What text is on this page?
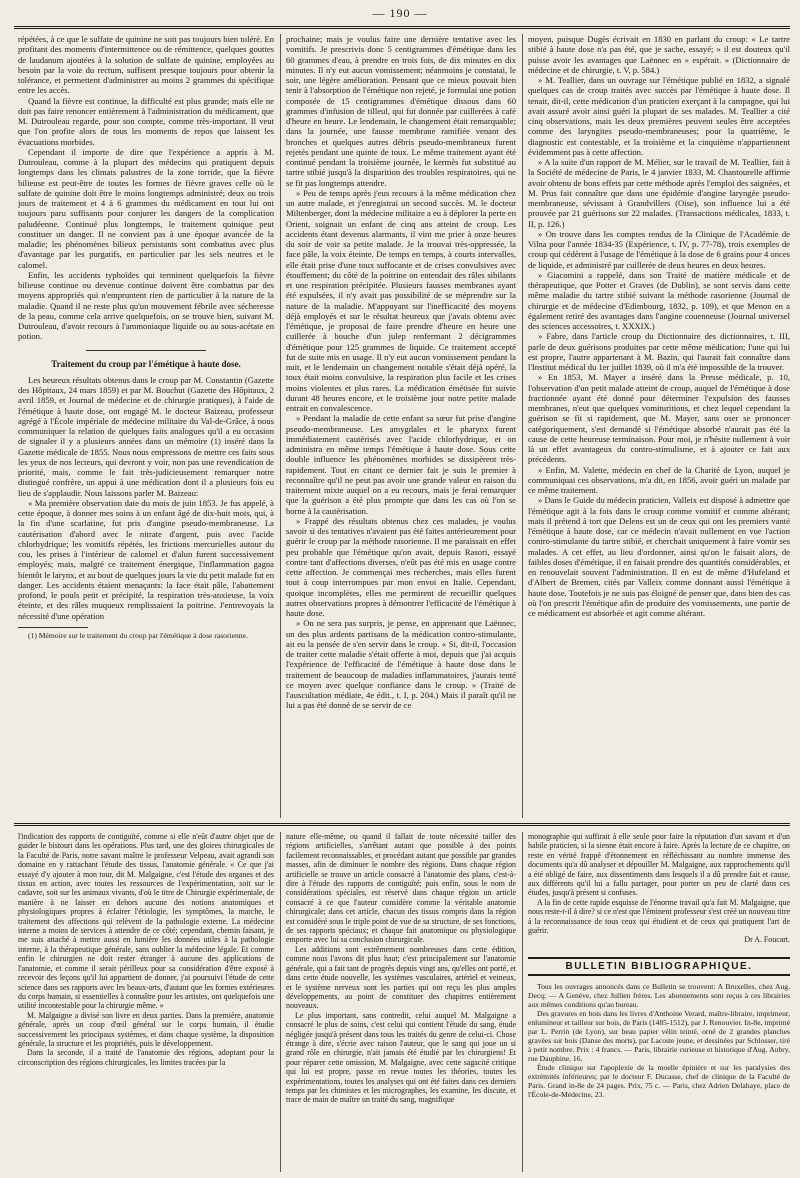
— 190 —

répétées, à ce que le sulfate de quinine ne soit pas toujours bien toléré. En profitant des moments d'intermittence ou de rémittence, quelques gouttes de laudanum ajoutées à la solution de sulfate de quinine, employées au besoin par la voie du rectum, suffisent presque toujours pour obtenir la tolérance, et permettent d'administrer au moins 2 grammes du spécifique entre les accès.

Quand la fièvre est continue, la difficulté est plus grande; mais elle ne doit pas faire renoncer entièrement à l'administration du médicament, que M. Dutrouleau regarde, pour son compte, comme très-important. Il veut que l'on profite alors de tous les moments de repos que laissent les évacuations morbides.

Cependant il importe de dire que l'expérience a appris à M. Dutrouleau, comme à la plupart des médecins qui pratiquent depuis longtemps dans les climats palustres de la zone torride, que la fièvre bilieuse est peut-être de toutes les formes de fièvre graves celle où le sulfate de quinine doit être le moins longtemps administré; deux ou trois jours de traitement et 4 à 6 grammes du médicament en tout lui ont toujours paru suffisants pour conjurer les dangers de la complication paludéenne. Continué plus longtemps, le traitement quinique peut constituer un danger. Il ne convient pas à une époque avancée de la maladie; les phénomènes bilieux persistants sont combattus avec plus d'avantage par les purgatifs, en particulier par les sels neutres et le calomel.

Enfin, les accidents typhoïdes qui terminent quelquefois la fièvre bilieuse continue ou devenue continue doivent être combattus par des moyens appropriés qui n'empruntent rien de particulier à la nature de la maladie. Quand il ne reste plus qu'un mouvement fébrile avec sécheresse de la peau, comme cela arrive quelquefois, on se trouve bien, suivant M. Dutrouleau, d'avoir recours à l'ammoniaque liquide ou au sous-acétate en potion.

Traitement du croup par l'émétique à haute dose.

Les heureux résultats obtenus dans le croup par M. Constantin (Gazette des Hôpitaux, 24 mars 1859) et par M. Bouchut (Gazette des Hôpitaux, 2 avril 1859, et Journal de médecine et de chirurgie pratiques), à l'aide de l'émétique à haute dose, ont engagé M. le docteur Baizeau, professeur agrégé à l'École impériale de médecine militaire du Val-de-Grâce, à nous communiquer la relation de quelques faits analogues qu'il a eu occasion de signaler il y a plusieurs années dans un mémoire (1) inséré dans la Gazette médicale de 1855. Nous nous empressons de mettre ces faits sous les yeux de nos lecteurs, qui devront y voir, non pas une revendication de priorité, mais, comme le fait très-judicieusement remarquer notre distingué confrère, un appui à une médication dont il a plusieurs fois eu lieu de s'applaudir. Nous laissons parler M. Baizeau:

« Ma première observation date du mois de juin 1853. Je fus appelé, à cette époque, à donner mes soins à un enfant âgé de dix-huit mois, qui, à la fin d'une scarlatine, fut pris d'angine pseudo-membraneuse. La cautérisation d'abord avec le nitrate d'argent, puis avec l'acide chlorhydrique; les vomitifs répétés, les frictions mercurielles autour du cou, les prises à l'intérieur de calomel et d'alun furent successivement employés; mais, malgré ce traitement énergique, l'inflammation gagna bientôt le larynx, et au bout de quelques jours la vie du petit malade fut en danger. Les accidents étaient menaçants: la face était pâle, l'abattement profond, le pouls petit et précipité, la respiration très-anxieuse, la voix éteinte, et des râles muqueux remplissaient la poitrine. J'entrevoyais la nécessité d'une opération

(1) Mémoire sur le traitement du croup par l'émétique à dose rasorienne.

prochaine; mais je voulus faire une dernière tentative avec les vomitifs. Je prescrivis donc 5 centigrammes d'émétique dans les 60 grammes d'eau, à prendre en trois fois, de dix minutes en dix minutes. Il n'y eut aucun vomissement; néanmoins je constatai, le soir, une légère amélioration. Pensant que ce mieux pouvait bien tenir à l'absorption de l'émétique non rejeté, je formulai une potion composée de 15 centigrammes d'émétique dissous dans 60 grammes d'infusion de tilleul, qui fut donnée par cuillerées à café d'heure en heure. Le lendemain, le changement était remarquable; dans la journée, une fausse membrane ramifiée venant des bronches et quelques autres débris pseudo-membraneux furent rejetés pendant une quinte de toux. Le même traitement ayant été continué pendant la troisième journée, le kermès fut substitué au tartre stibié jusqu'à la disparition des troubles respiratoires, qui ne se fit pas longtemps attendre.

» Peu de temps après j'eus recours à la même médication chez un autre malade, et j'enregistrai un second succès. M. le docteur Miltenberger, dont la médecine militaire a eu à déplorer la perte en Orient, soignait un enfant de cinq ans atteint de croup. Les accidents étant devenus alarmants, il vint me prier à onze heures du soir de voir sa petite malade. Je la trouvai très-oppressée, la face pâle, la voix éteinte. De temps en temps, à courts intervalles, elle était prise d'une toux suffocante et de crises convulsives avec étouffement; du côté de la poitrine on entendait des râles sibilants et une respiration précipitée. Plusieurs fausses membranes ayant été expulsées, il n'y avait pas possibilité de se méprendre sur la nature de la maladie. M'appuyant sur l'inefficacité des moyens déjà employés et sur le résultat heureux que j'avais obtenu avec l'émétique, je proposai de faire prendre d'heure en heure une cuillerée à bouche d'un julep renfermant 2 décigrammes d'émétique pour 125 grammes de liquide. Ce traitement accepté fut de suite mis en usage. Il n'y eut aucun vomissement pendant la nuit, et le lendemain un changement notable s'était déjà opéré, la toux était moins convulsive, la respiration plus facile et les crises moins violentes et plus rares. La médication émétisée fut suivie durant 48 heures encore, et le troisième jour notre petite malade entrait en convalescence.

» Pendant la maladie de cette enfant sa sœur fut prise d'angine pseudo-membraneuse. Les amygdales et le pharynx furent immédiatement cautérisés avec l'acide chlorhydrique, et on administra en même temps l'émétique à haute dose. Sous cette double influence les phénomènes morbides se dissipèrent très-rapidement. Tout en citant ce dernier fait je suis le premier à reconnaître qu'il ne peut pas avoir une grande valeur en raison du traitement mixte auquel on a eu recours, mais je ferai remarquer que la guérison a été plus prompte que dans les cas où l'on se borne à la cautérisation.

» Frappé des résultats obtenus chez ces malades, je voulus savoir si des tentatives n'avaient pas été faites antérieurement pour guérir le croup par la méthode rasorienne. Il me paraissait en effet peu probable que l'émétique qu'on avait, depuis Rasori, essayé contre tant d'affections diverses, n'eût pas été mis en usage contre cette affection. Je commençai mes recherches, mais elles furent tout à coup interrompues par mon envoi en Italie. Cependant, quoique incomplètes, elles me permirent de recueillir quelques autres observations propres à démontrer l'efficacité de l'émétique à haute dose.

» On ne sera pas surpris, je pense, en apprenant que Laënnec, un des plus ardents partisans de la médication contro-stimulante, ait eu la pensée de s'en servir dans le croup. « Si, dit-il, l'occasion de traiter cette maladie s'était offerte à moi, depuis que j'ai acquis l'expérience de l'efficacité de l'émétique à haute dose dans le traitement de beaucoup de maladies inflammatoires, j'aurais tenté ce moyen avec quelque confiance dans le croup. » (Traité de l'auscultation médiate, 4e édit., t. I, p. 204.) Mais il paraît qu'il ne lui a pas été donné de se servir de ce

moyen, puisque Dugès écrivait en 1830 en parlant du croup: « Le tartre stibié à haute dose n'a pas été, que je sache, essayé; » il est douteux qu'il puisse avoir les avantages que Laënnec en » espérait. » (Dictionnaire de médecine et de chirurgie, t. V, p. 584.)

» M. Teallier, dans un ouvrage sur l'émétique publié en 1832, a signalé quelques cas de croup traités avec succès par l'émétique à haute dose. Il tenait, dit-il, cette médication d'un praticien exerçant à la campagne, qui lui avait assuré avoir ainsi guéri la plupart de ses malades. M. Teallier a cité cinq observations, mais les deux premières peuvent seules être acceptées comme des laryngites pseudo-membraneuses; pour la quatrième, le diagnostic est contestable, et la troisième et la cinquième n'appartiennent évidemment pas à cette affection.

» A la suite d'un rapport de M. Mélier, sur le travail de M. Teallier, fait à la Société de médecine de Paris, le 4 janvier 1833, M. Chantourelle affirme avoir obtenu de bons effets par cette méthode après l'emploi des saignées, et M. Prus fait connaître que dans une épidémie d'angine laryngée pseudo-membraneuse, sévissant à Grandvillers (Oise), son influence lui a été prouvée par 21 guérisons sur 22 malades. (Transactions médicales, 1833, t. II, p. 126.)

» On trouve dans les comptes rendus de la Clinique de l'Académie de Vilna pour l'année 1834-35 (Expérience, t. IV, p. 77-78), trois exemples de croup qui cédèrent à l'usage de l'émétique à la dose de 6 grains pour 4 onces de liquide, et administré par cuillerée de deux heures en deux heures.

» Giacomini a rappelé, dans son Traité de matière médicale et de thérapeutique, que Potter et Graves (de Dublin), se sont servis dans cette même maladie du tartre stibié suivant la méthode rasorienne (Journal de chirurgie et de médecine d'Edimbourg, 1832, p. 109), et que Menon en a également retiré des avantages dans l'angine couenneuse (Journal universel des sciences accessoires, t. XXXIX.)

» Fabre, dans l'article croup du Dictionnaire des dictionnaires, t. III, parle de deux guérisons produites par cette même médication; l'une qui lui est propre, l'autre appartenant à M. Bazin, qui l'aurait fait connaître dans l'Institut médical du 1er juillet 1839, où il m'a été impossible de la trouver.

» En 1853, M. Mayer a inséré dans la Presse médicale, p. 10, l'observation d'un petit malade atteint de croup, auquel de l'émétique à dose fractionnée ayant été donné pour déterminer l'expulsion des fausses membranes, n'eut que quelques vomituritions, et chez lequel cependant la guérison se fit si rapidement, que M. Mayer, sans oser se prononcer catégoriquement, s'est demandé si l'émétique absorbé n'aurait pas été la cause de cette heureuse terminaison. Pour moi, je n'hésite nullement à voir là un effet avantageux du contro-stimulisme, et à ajouter ce fait aux précédents.

» Enfin, M. Valette, médecin en chef de la Charité de Lyon, auquel je communiquai ces observations, m'a dit, en 1856, avoir guéri un malade par ce même traitement.

» Dans le Guide du médecin praticien, Valleix est disposé à admettre que l'émétique agit à la fois dans le croup comme vomitif et comme altérant; mais il prétend à tort que Delens est un de ceux qui ont les premiers vanté l'émétique à haute dose, car ce médecin n'avait nullement en vue l'action contro-stimulante du tartre stibié, et cherchait uniquement à faire vomir ses malades. A cet effet, au lieu d'ordonner, ainsi qu'on le faisait alors, de faibles doses d'émétique, il en faisait prendre des quantités considérables, et en renouvelait souvent l'administration. Il en est de même d'Hufeland et d'Albert de Bremen, cités par Valleix comme donnant aussi l'émétique à haute dose. Toutefois je ne suis pas éloigné de penser que, dans bien des cas où l'on prescrit l'émétique afin de produire des vomissements, une partie de ce médicament est absorbée et agit comme altérant.

l'indication des rapports de contiguïté, comme si elle n'eût d'autre objet que de guider le bistouri dans les opérations. Plus tard, une des gloires chirurgicales de la Faculté de Paris, notre savant maître le professeur Velpeau, avait agrandi son domaine en y rattachant l'étude des tissus, l'anatomie générale. « Ce que j'ai essayé d'y ajouter à mon tour, dit M. Malgaigne, c'est l'étude des organes et des tissus en action, avec toutes les ressources de l'expérimentation, soit sur le cadavre, soit sur les animaux vivants, d'où le titre de Chirurgie expérimentale, de manière à ne laisser en dehors aucune des notions anatomiques et physiologiques propres à éclairer l'étiologie, les symptômes, la marche, le traitement des affections qui relèvent de la pathologie externe. La médecine interne a moins de services à attendre de ce côté; cependant, chemin faisant, je me suis attaché à mettre aussi en lumière les données utiles à la pathologie interne, à la thérapeutique générale, sans oublier la médecine légale. Et comme enfin le chirurgien ne doit rester étranger à aucune des applications de l'anatomie, et comme il serait périlleux pour sa considération d'être exposé à recevoir des leçons qu'il lui appartient de donner, j'ai poursuivi l'étude de cette science dans ses rapports avec les beaux-arts, d'autant que les formes extérieures du corps humain, si essentielles à connaître pour les artistes, ont quelquefois une utilité incontestable pour la chirurgie même. »

M. Malgaigne a divisé son livre en deux parties. Dans la première, anatomie générale, après un coup d'œil général sur le corps humain, il étudie successivement les principaux systèmes, et dans chaque système, la disposition générale, la structure et les propriétés, puis le développement.

Dans la seconde, il a traité de l'anatomie des régions, adoptant pour la circonscription des régions chirurgicales, les limites tracées par la

nature elle-même, ou quand il fallait de toute nécessité tailler des régions artificielles, s'arrêtant autant que possible à des points facilement reconnaissables, et procédant autant que possible par grandes masses, afin de diminuer le nombre des régions. Dans chaque région artificielle se trouve un article consacré à l'anatomie des plans, c'est-à-dire à l'étude des rapports de contiguïté; puis enfin, sous le nom de considérations spéciales, est réservé dans chaque région un article consacré à ce que l'auteur considère comme la véritable anatomie chirurgicale; dans cet article, chacun des tissus compris dans la région est considéré sous le triple point de vue de sa structure, de ses fonctions, de ses rapports spéciaux; et chaque fait anatomique ou physiologique emporte avec lui sa conclusion chirurgicale.

Les additions sont extrêmement nombreuses dans cette édition, comme nous l'avons dit plus haut; c'est principalement sur l'anatomie générale, qui a fait tant de progrès depuis vingt ans, qu'elles ont porté, et dans cette étude nouvelle, les systèmes vasculaires, artériel et veineux, et le système nerveux sont les parties qui ont reçu les plus amples développements, au point de constituer des chapitres entièrement nouveaux.

Le plus important, sans contredit, celui auquel M. Malgaigne a consacré le plus de soins, c'est celui qui contient l'étude du sang, étude négligée jusqu'à présent dans tous les traités du genre de celui-ci. Chose étrange à dire, s'écrie avec raison l'auteur, que le sang qui joue un si grand rôle en chirurgie, n'ait jamais été étudié par les chirurgiens! Et pour réparer cette omission, M. Malgaigne, avec cette sagacité critique qui lui est propre, passe en revue toutes les théories, toutes les expérimentations, toutes les analyses qui ont été faites dans ces derniers temps par les chimistes et les micrographes, les examine, les discute, et trace de main de maître un traité du sang, magnifique

monographie qui suffirait à elle seule pour faire la réputation d'un savant et d'un habile praticien, si la sienne était encore à faire. Après la lecture de ce chapitre, on reste en vérité frappé d'étonnement en réfléchissant au nombre immense des documents qu'a dû analyser et dépouiller M. Malgaigne, aux rapprochements qu'il a été obligé de faire, aux dissentiments dans lesquels il a dû prendre fait et cause, aux différents qu'il lui a fallu partager, pour porter un peu de clarté dans ces études, jusqu'à présent si confuses.

A la fin de cette rapide esquisse de l'énorme travail qu'a fait M. Malgaigne, que nous reste-t-il à dire? si ce n'est que l'éminent professeur s'est créé un nouveau titre à la reconnaissance de tous ceux qui étudient et de ceux qui pratiquent l'art de guérir.

Dr A. Foucart.

BULLETIN BIBLIOGRAPHIQUE.

Tous les ouvrages annoncés dans ce Bulletin se trouvent: A Bruxelles, chez Aug. Decq; — A Genève, chez Jullien frères. Les abonnements sont reçus à ces librairies aux mêmes conditions qu'au bureau.

Des gravures en bois dans les livres d'Anthoine Verard, maître-libraire, imprimeur, enlumineur et tailleur sur bois, de Paris (1485-1512), par J. Renouvier. In-8e, imprimé par L. Perrin (de Lyon), sur beau papier vélin teinté, orné de 2 grandes planches gravées sur bois (Danse des morts), par Lacoste jeune, et dessinées par Schlosser, tiré à petit nombre. Prix : 4 francs. — Paris, librairie curieuse et historique d'Aug. Aubry, rue Dauphine, 16.

Étude clinique sur l'apoplexie de la moelle épinière et sur les paralysies des extrémités inférieures; par le docteur F. Ducasse, chef de clinique de la Faculté de Paris. Grand in-8e de 24 pages. Prix, 75 c. — Paris, chez Adrien Delahaye, place de l'École-de-Médecine, 23.
